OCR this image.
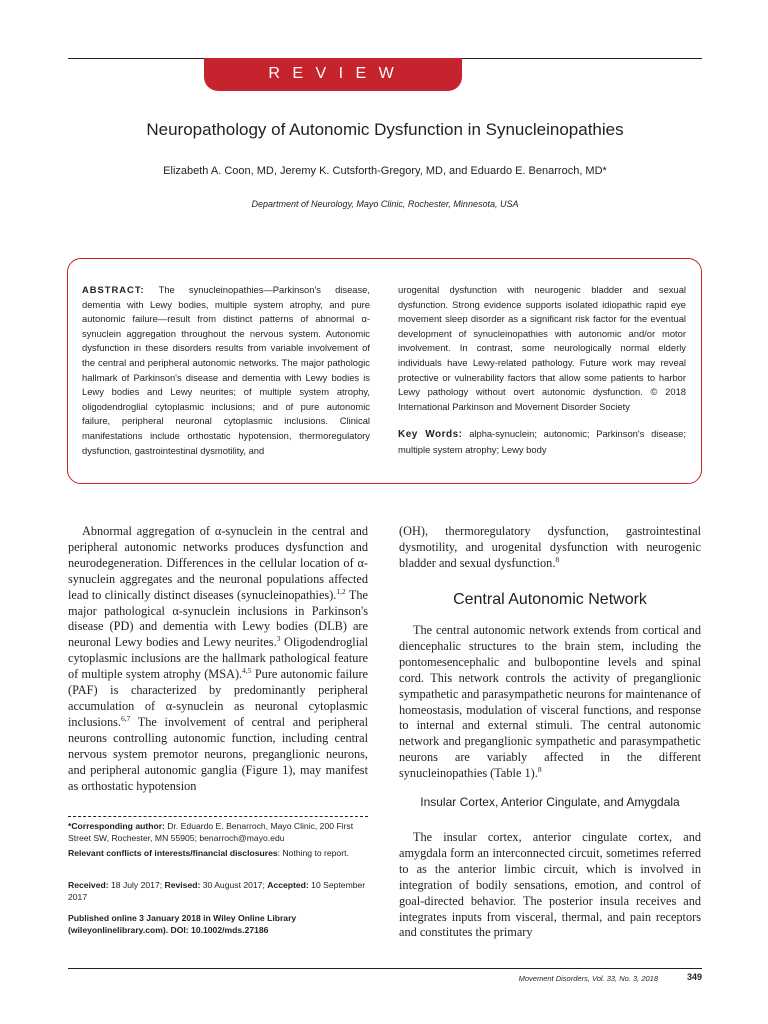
R E V I E W
Neuropathology of Autonomic Dysfunction in Synucleinopathies
Elizabeth A. Coon, MD, Jeremy K. Cutsforth-Gregory, MD, and Eduardo E. Benarroch, MD*
Department of Neurology, Mayo Clinic, Rochester, Minnesota, USA
ABSTRACT: The synucleinopathies—Parkinson's disease, dementia with Lewy bodies, multiple system atrophy, and pure autonomic failure—result from distinct patterns of abnormal α-synuclein aggregation throughout the nervous system. Autonomic dysfunction in these disorders results from variable involvement of the central and peripheral autonomic networks. The major pathologic hallmark of Parkinson's disease and dementia with Lewy bodies is Lewy bodies and Lewy neurites; of multiple system atrophy, oligodendroglial cytoplasmic inclusions; and of pure autonomic failure, peripheral neuronal cytoplasmic inclusions. Clinical manifestations include orthostatic hypotension, thermoregulatory dysfunction, gastrointestinal dysmotility, and
urogenital dysfunction with neurogenic bladder and sexual dysfunction. Strong evidence supports isolated idiopathic rapid eye movement sleep disorder as a significant risk factor for the eventual development of synucleinopathies with autonomic and/or motor involvement. In contrast, some neurologically normal elderly individuals have Lewy-related pathology. Future work may reveal protective or vulnerability factors that allow some patients to harbor Lewy pathology without overt autonomic dysfunction. © 2018 International Parkinson and Movement Disorder Society
Key Words: alpha-synuclein; autonomic; Parkinson's disease; multiple system atrophy; Lewy body
Abnormal aggregation of α-synuclein in the central and peripheral autonomic networks produces dysfunction and neurodegeneration. Differences in the cellular location of α-synuclein aggregates and the neuronal populations affected lead to clinically distinct diseases (synucleinopathies).$^{1,2}$ The major pathological α-synuclein inclusions in Parkinson's disease (PD) and dementia with Lewy bodies (DLB) are neuronal Lewy bodies and Lewy neurites.$^3$ Oligodendroglial cytoplasmic inclusions are the hallmark pathological feature of multiple system atrophy (MSA).$^{4,5}$ Pure autonomic failure (PAF) is characterized by predominantly peripheral accumulation of α-synuclein as neuronal cytoplasmic inclusions.$^{6,7}$ The involvement of central and peripheral neurons controlling autonomic function, including central nervous system premotor neurons, preganglionic neurons, and peripheral autonomic ganglia (Figure 1), may manifest as orthostatic hypotension
(OH), thermoregulatory dysfunction, gastrointestinal dysmotility, and urogenital dysfunction with neurogenic bladder and sexual dysfunction.$^8$
Central Autonomic Network
The central autonomic network extends from cortical and diencephalic structures to the brain stem, including the pontomesencephalic and bulbopontine levels and spinal cord. This network controls the activity of preganglionic sympathetic and parasympathetic neurons for maintenance of homeostasis, modulation of visceral functions, and response to internal and external stimuli. The central autonomic network and preganglionic sympathetic and parasympathetic neurons are variably affected in the different synucleinopathies (Table 1).$^8$
Insular Cortex, Anterior Cingulate, and Amygdala
The insular cortex, anterior cingulate cortex, and amygdala form an interconnected circuit, sometimes referred to as the anterior limbic circuit, which is involved in integration of bodily sensations, emotion, and control of goal-directed behavior. The posterior insula receives and integrates inputs from visceral, thermal, and pain receptors and constitutes the primary
*Corresponding author: Dr. Eduardo E. Benarroch, Mayo Clinic, 200 First Street SW, Rochester, MN 55905; benarroch@mayo.edu
Relevant conflicts of interests/financial disclosures: Nothing to report.
Received: 18 July 2017; Revised: 30 August 2017; Accepted: 10 September 2017
Published online 3 January 2018 in Wiley Online Library (wileyonlinelibrary.com). DOI: 10.1002/mds.27186
Movement Disorders, Vol. 33, No. 3, 2018	349
